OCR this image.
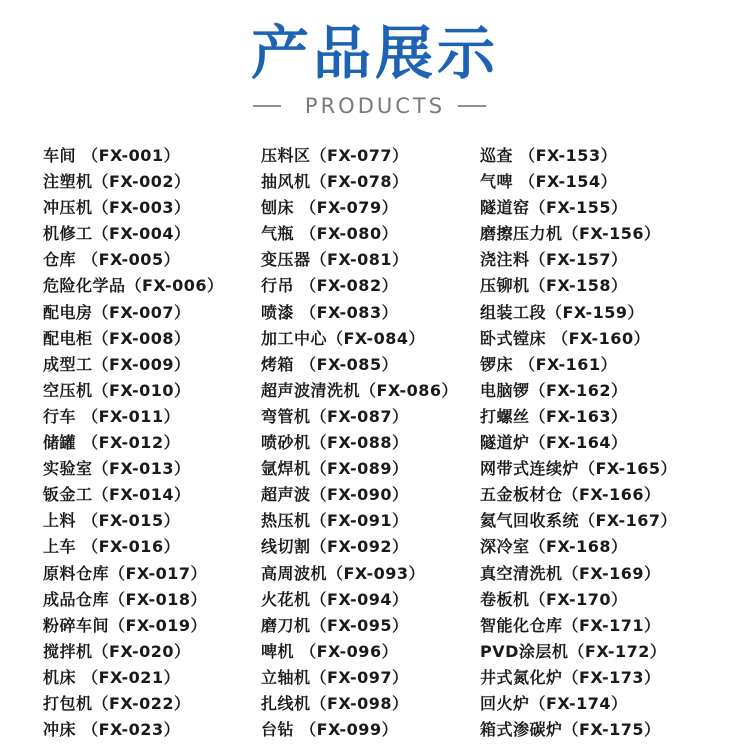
产品展示
PRODUCTS
车间 （FX-001）
注塑机（FX-002）
冲压机（FX-003）
机修工（FX-004）
仓库 （FX-005）
危险化学品（FX-006）
配电房（FX-007）
配电柜（FX-008）
成型工（FX-009）
空压机（FX-010）
行车 （FX-011）
储罐 （FX-012）
实验室（FX-013）
钣金工（FX-014）
上料 （FX-015）
上车 （FX-016）
原料仓库（FX-017）
成品仓库（FX-018）
粉碎车间（FX-019）
搅拌机（FX-020）
机床 （FX-021）
打包机（FX-022）
冲床 （FX-023）
压料区（FX-077）
抽风机（FX-078）
刨床 （FX-079）
气瓶 （FX-080）
变压器（FX-081）
行吊 （FX-082）
喷漆 （FX-083）
加工中心（FX-084）
烤箱 （FX-085）
超声波清洗机（FX-086）
弯管机（FX-087）
喷砂机（FX-088）
氩焊机（FX-089）
超声波（FX-090）
热压机（FX-091）
线切割（FX-092）
高周波机（FX-093）
火花机（FX-094）
磨刀机（FX-095）
啤机 （FX-096）
立轴机（FX-097）
扎线机（FX-098）
台钻 （FX-099）
巡查 （FX-153）
气啤 （FX-154）
隧道窑（FX-155）
磨擦压力机（FX-156）
浇注料（FX-157）
压铆机（FX-158）
组装工段（FX-159）
卧式镗床 （FX-160）
锣床 （FX-161）
电脑锣（FX-162）
打螺丝（FX-163）
隧道炉（FX-164）
网带式连续炉（FX-165）
五金板材仓（FX-166）
氦气回收系统（FX-167）
深冷室（FX-168）
真空清洗机（FX-169）
卷板机（FX-170）
智能化仓库（FX-171）
PVD涂层机（FX-172）
井式氮化炉（FX-173）
回火炉（FX-174）
箱式渗碳炉（FX-175）
